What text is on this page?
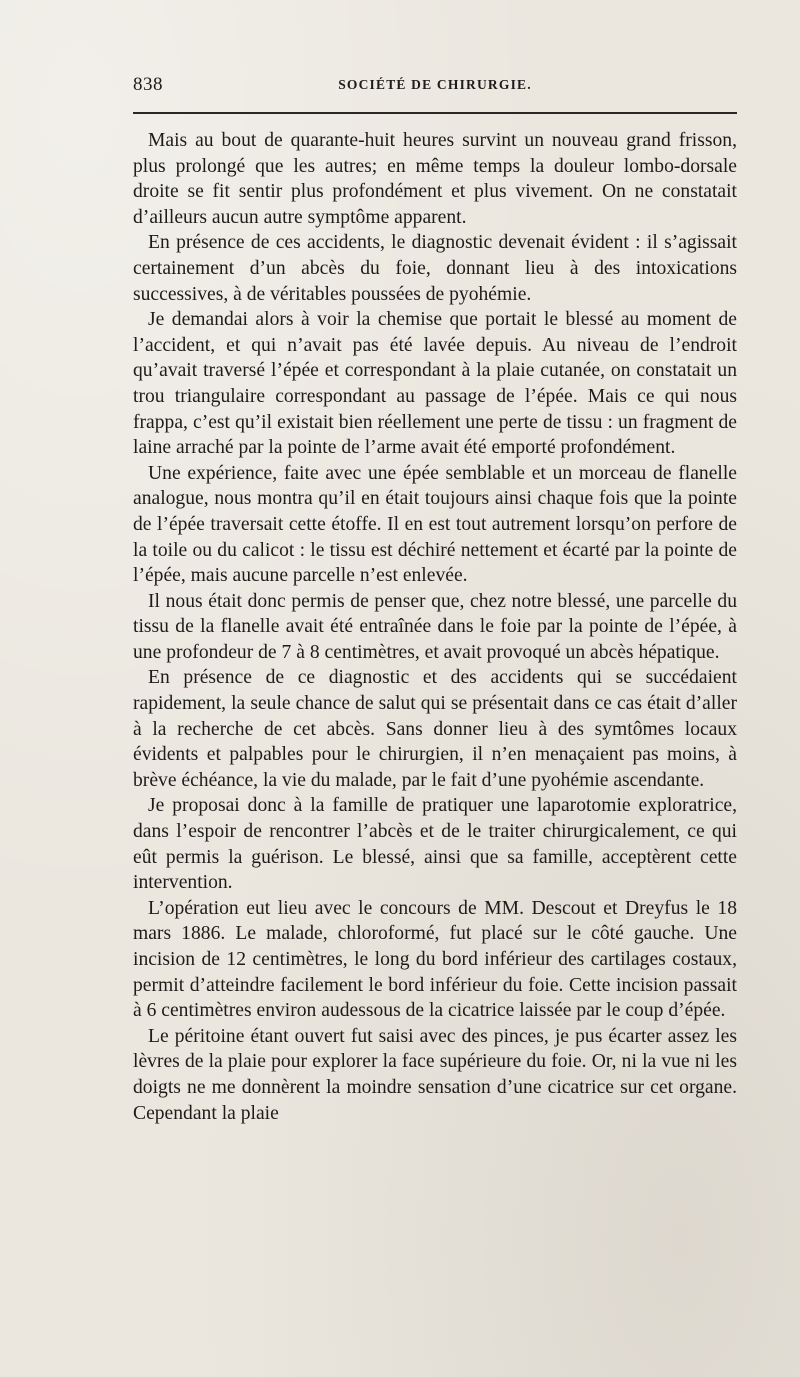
838	SOCIÉTÉ DE CHIRURGIE.

Mais au bout de quarante-huit heures survint un nouveau grand frisson, plus prolongé que les autres; en même temps la douleur lombo-dorsale droite se fit sentir plus profondément et plus vivement. On ne constatait d’ailleurs aucun autre symptôme apparent.

En présence de ces accidents, le diagnostic devenait évident : il s’agissait certainement d’un abcès du foie, donnant lieu à des intoxications successives, à de véritables poussées de pyohémie.

Je demandai alors à voir la chemise que portait le blessé au moment de l’accident, et qui n’avait pas été lavée depuis. Au niveau de l’endroit qu’avait traversé l’épée et correspondant à la plaie cutanée, on constatait un trou triangulaire correspondant au passage de l’épée. Mais ce qui nous frappa, c’est qu’il existait bien réellement une perte de tissu : un fragment de laine arraché par la pointe de l’arme avait été emporté profondément.

Une expérience, faite avec une épée semblable et un morceau de flanelle analogue, nous montra qu’il en était toujours ainsi chaque fois que la pointe de l’épée traversait cette étoffe. Il en est tout autrement lorsqu’on perfore de la toile ou du calicot : le tissu est déchiré nettement et écarté par la pointe de l’épée, mais aucune parcelle n’est enlevée.

Il nous était donc permis de penser que, chez notre blessé, une parcelle du tissu de la flanelle avait été entraînée dans le foie par la pointe de l’épée, à une profondeur de 7 à 8 centimètres, et avait provoqué un abcès hépatique.

En présence de ce diagnostic et des accidents qui se succédaient rapidement, la seule chance de salut qui se présentait dans ce cas était d’aller à la recherche de cet abcès. Sans donner lieu à des symtômes locaux évidents et palpables pour le chirurgien, il n’en menaçaient pas moins, à brève échéance, la vie du malade, par le fait d’une pyohémie ascendante.

Je proposai donc à la famille de pratiquer une laparotomie exploratrice, dans l’espoir de rencontrer l’abcès et de le traiter chirurgicalement, ce qui eût permis la guérison. Le blessé, ainsi que sa famille, acceptèrent cette intervention.

L’opération eut lieu avec le concours de MM. Descout et Dreyfus le 18 mars 1886. Le malade, chloroformé, fut placé sur le côté gauche. Une incision de 12 centimètres, le long du bord inférieur des cartilages costaux, permit d’atteindre facilement le bord inférieur du foie. Cette incision passait à 6 centimètres environ audessous de la cicatrice laissée par le coup d’épée.

Le péritoine étant ouvert fut saisi avec des pinces, je pus écarter assez les lèvres de la plaie pour explorer la face supérieure du foie. Or, ni la vue ni les doigts ne me donnèrent la moindre sensation d’une cicatrice sur cet organe. Cependant la plaie
